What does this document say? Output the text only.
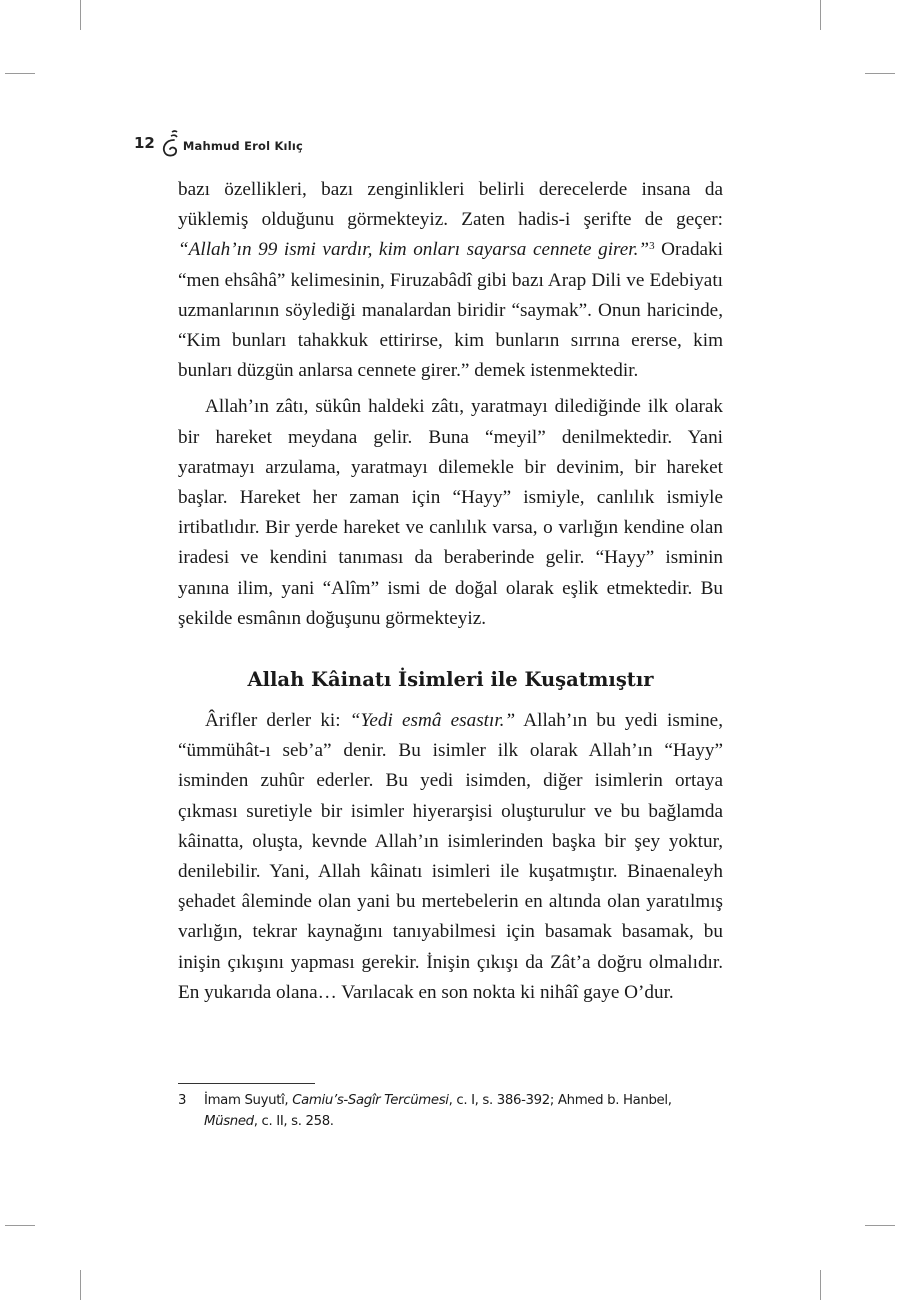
12 Mahmud Erol Kılıç

bazı özellikleri, bazı zenginlikleri belirli derecelerde insana da yüklemiş olduğunu görmekteyiz. Zaten hadis-i şerifte de geçer: “Allah’ın 99 ismi vardır, kim onları sayarsa cennete girer.”$^3$ Oradaki “men ehsâhâ” kelimesinin, Firuzabâdî gibi bazı Arap Dili ve Edebiyatı uzmanlarının söylediği manalardan biridir “saymak”. Onun haricinde, “Kim bunları tahakkuk ettirirse, kim bunların sırrına ererse, kim bunları düzgün anlarsa cennete girer.” demek istenmektedir.

Allah’ın zâtı, sükûn haldeki zâtı, yaratmayı dilediğinde ilk olarak bir hareket meydana gelir. Buna “meyil” denilmektedir. Yani yaratmayı arzulama, yaratmayı dilemekle bir devinim, bir hareket başlar. Hareket her zaman için “Hayy” ismiyle, canlılık ismiyle irtibatlıdır. Bir yerde hareket ve canlılık varsa, o varlığın kendine olan iradesi ve kendini tanıması da beraberinde gelir. “Hayy” isminin yanına ilim, yani “Alîm” ismi de doğal olarak eşlik etmektedir. Bu şekilde esmânın doğuşunu görmekteyiz.

Allah Kâinatı İsimleri ile Kuşatmıştır

Ârifler derler ki: “Yedi esmâ esastır.” Allah’ın bu yedi ismine, “ümmühât-ı seb’a” denir. Bu isimler ilk olarak Allah’ın “Hayy” isminden zuhûr ederler. Bu yedi isimden, diğer isimlerin ortaya çıkması suretiyle bir isimler hiyerarşisi oluşturulur ve bu bağlamda kâinatta, oluşta, kevnde Allah’ın isimlerinden başka bir şey yoktur, denilebilir. Yani, Allah kâinatı isimleri ile kuşatmıştır. Binaenaleyh şehadet âleminde olan yani bu mertebelerin en altında olan yaratılmış varlığın, tekrar kaynağını tanıyabilmesi için basamak basamak, bu inişin çıkışını yapması gerekir. İnişin çıkışı da Zât’a doğru olmalıdır. En yukarıda olana… Varılacak en son nokta ki nihâî gaye O’dur.

3	İmam Suyutî, Camiu’s-Sagîr Tercümesi, c. I, s. 386-392; Ahmed b. Hanbel, Müsned, c. II, s. 258.
